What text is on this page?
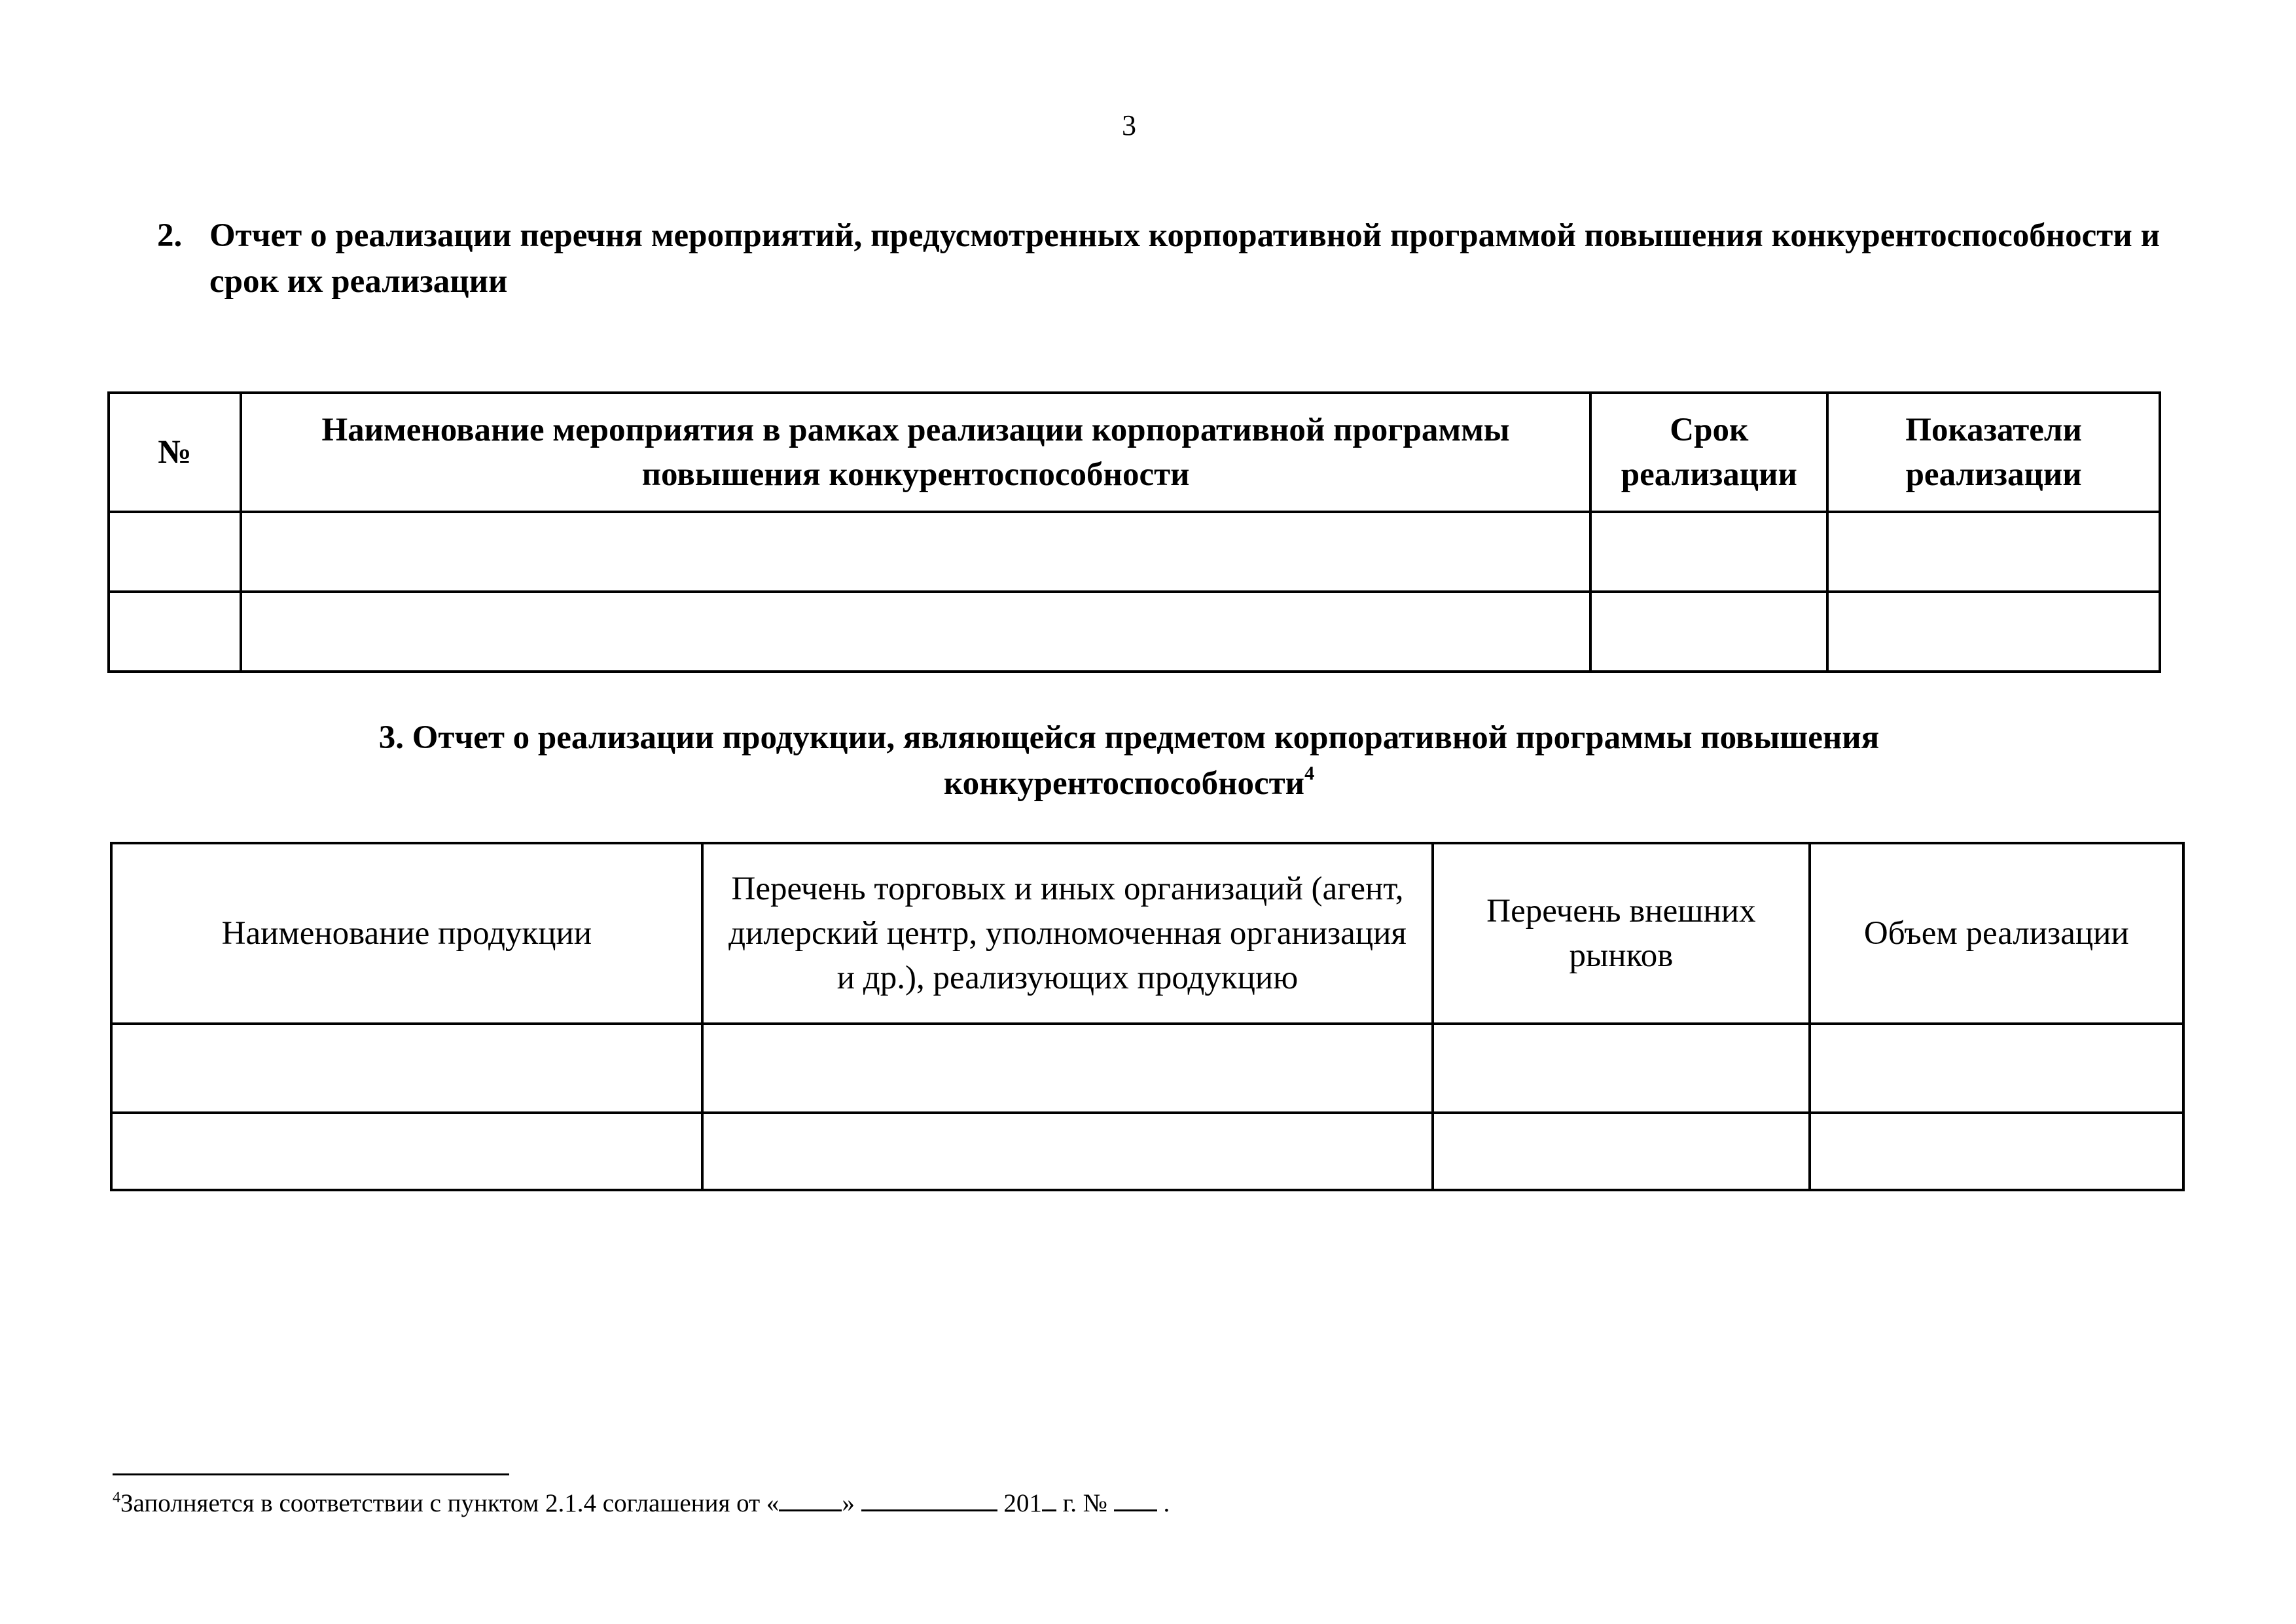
3
2. Отчет о реализации перечня мероприятий, предусмотренных корпоративной программой повышения конкурентоспособности и срок их реализации
№	Наименование мероприятия в рамках реализации корпоративной программы повышения конкурентоспособности	Срок реализации	Показатели реализации

3. Отчет о реализации продукции, являющейся предметом корпоративной программы повышения конкурентоспособности$^4$
Наименование продукции	Перечень торговых и иных организаций (агент, дилерский центр, уполномоченная организация и др.), реализующих продукцию	Перечень внешних рынков	Объем реализации

$^4$Заполняется в соответствии с пунктом 2.1.4 соглашения от « »	201 г. № .
